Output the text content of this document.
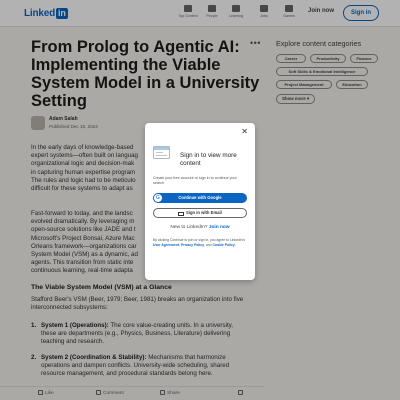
Linked in	Top Content	People	Learning	Jobs	Games
Join now	Sign in
From Prolog to Agentic AI: Implementing the Viable System Model in a University Setting
•••
Adam Salah
Published Dec 15, 2024
In the early days of knowledge-based
expert systems—often built on languag
organizational logic and decision-mak
in capturing human expertise program
The rules and logic had to be meticulo
difficult for these systems to adapt as
Fast-forward to today, and the landsc
evolved dramatically. By leveraging m
open-source solutions like JADE and t
Microsoft's Project Bonsai, Azure Mac
Orleans framework—organizations car
System Model (VSM) as a dynamic, ad
agents. This transition from static inte
continuous learning, real-time adapta
The Viable System Model (VSM) at a Glance
Stafford Beer's VSM (Beer, 1979; Beer, 1981) breaks an organization into five
interconnected subsystems:
1. System 1 (Operations): The core value-creating units. In a university,
these are departments (e.g., Physics, Business, Literature) delivering
teaching and research.
2. System 2 (Coordination & Stability): Mechanisms that harmonize
operations and dampen conflicts. University-wide scheduling, shared
resource management, and procedural standards belong here.
Explore content categories
Career	Productivity	Finance
Soft Skills & Emotional Intelligence
Project Management	Education
Show more ▾
Like	Comment	Share
✕
Sign in to view more content
Create your free account or sign in to continue your search
G	Continue with Google
Sign in with Email
New to LinkedIn? Join now
By clicking Continue to join or sign in, you agree to LinkedIn's User Agreement, Privacy Policy, and Cookie Policy.
